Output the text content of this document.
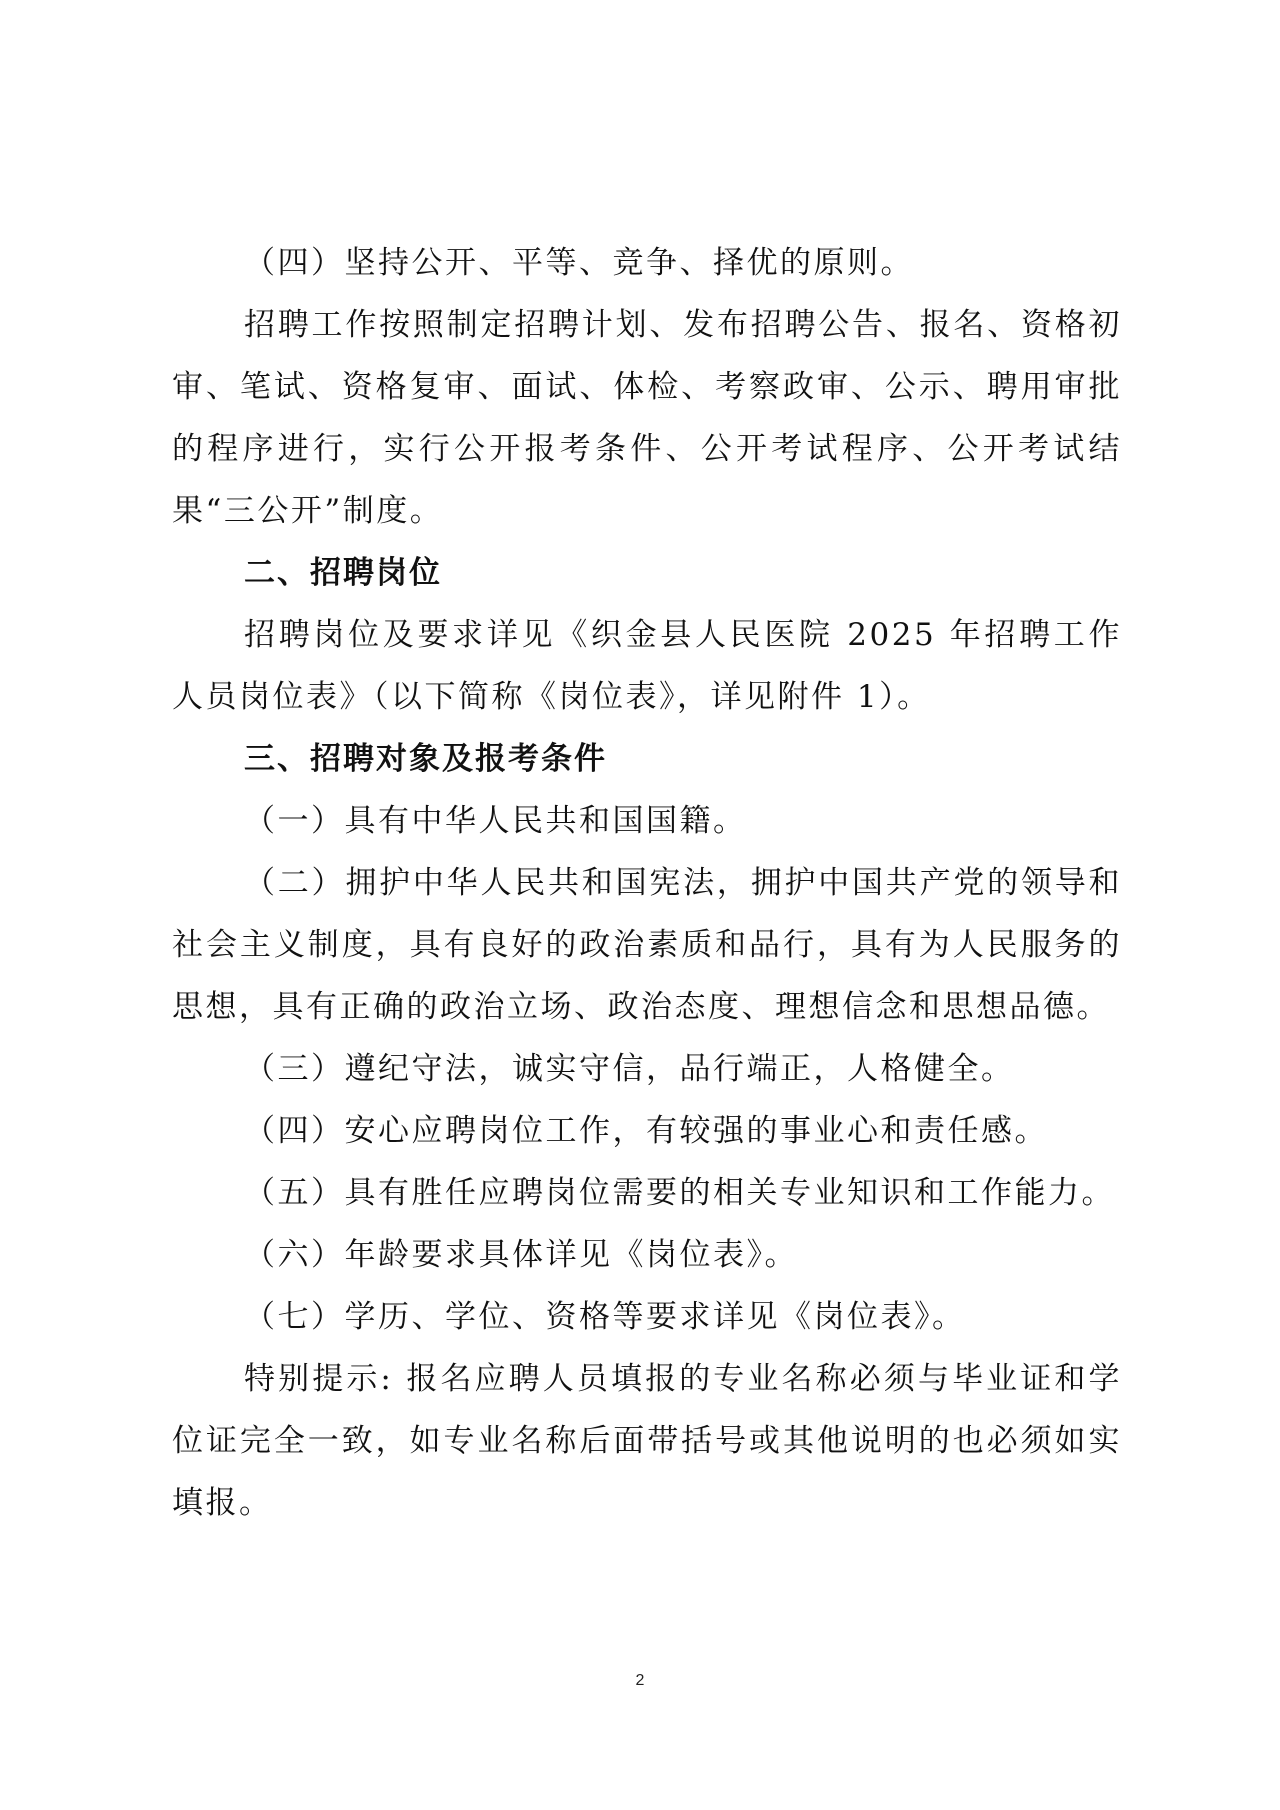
（四）坚持公开、平等、竞争、择优的原则。

招聘工作按照制定招聘计划、发布招聘公告、报名、资格初审、笔试、资格复审、面试、体检、考察政审、公示、聘用审批的程序进行，实行公开报考条件、公开考试程序、公开考试结果“三公开”制度。

二、招聘岗位

招聘岗位及要求详见《织金县人民医院 2025 年招聘工作人员岗位表》（以下简称《岗位表》，详见附件 1）。

三、招聘对象及报考条件

（一）具有中华人民共和国国籍。

（二）拥护中华人民共和国宪法，拥护中国共产党的领导和社会主义制度，具有良好的政治素质和品行，具有为人民服务的思想，具有正确的政治立场、政治态度、理想信念和思想品德。

（三）遵纪守法，诚实守信，品行端正，人格健全。

（四）安心应聘岗位工作，有较强的事业心和责任感。

（五）具有胜任应聘岗位需要的相关专业知识和工作能力。

（六）年龄要求具体详见《岗位表》。

（七）学历、学位、资格等要求详见《岗位表》。

特别提示: 报名应聘人员填报的专业名称必须与毕业证和学位证完全一致，如专业名称后面带括号或其他说明的也必须如实填报。

2
